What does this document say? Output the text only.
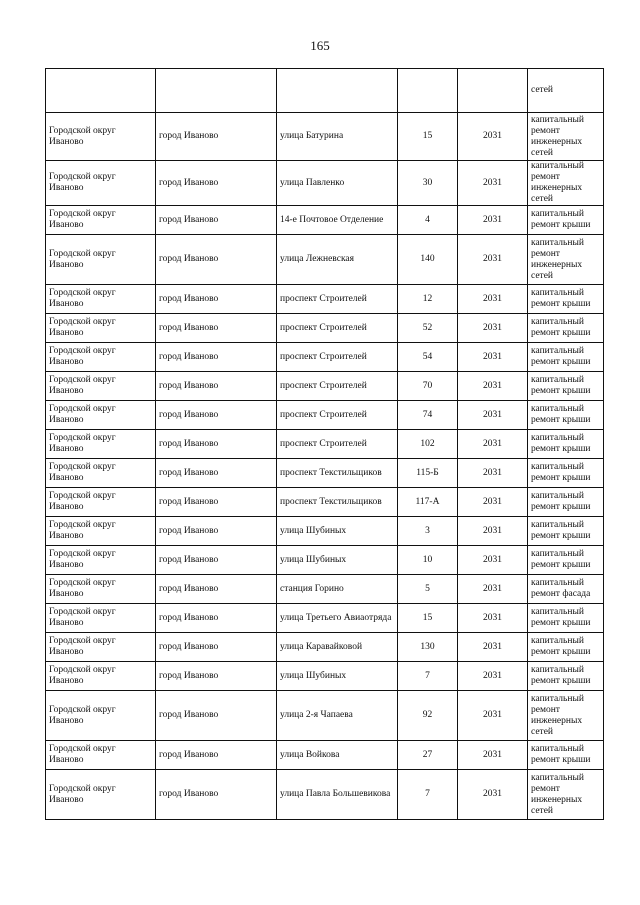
165
					сетей
Городской округ Иваново	город Иваново	улица Батурина	15	2031	капитальный ремонт инженерных сетей
Городской округ Иваново	город Иваново	улица Павленко	30	2031	капитальный ремонт инженерных сетей
Городской округ Иваново	город Иваново	14-е Почтовое Отделение	4	2031	капитальный ремонт крыши
Городской округ Иваново	город Иваново	улица Лежневская	140	2031	капитальный ремонт инженерных сетей
Городской округ Иваново	город Иваново	проспект Строителей	12	2031	капитальный ремонт крыши
Городской округ Иваново	город Иваново	проспект Строителей	52	2031	капитальный ремонт крыши
Городской округ Иваново	город Иваново	проспект Строителей	54	2031	капитальный ремонт крыши
Городской округ Иваново	город Иваново	проспект Строителей	70	2031	капитальный ремонт крыши
Городской округ Иваново	город Иваново	проспект Строителей	74	2031	капитальный ремонт крыши
Городской округ Иваново	город Иваново	проспект Строителей	102	2031	капитальный ремонт крыши
Городской округ Иваново	город Иваново	проспект Текстильщиков	115-Б	2031	капитальный ремонт крыши
Городской округ Иваново	город Иваново	проспект Текстильщиков	117-А	2031	капитальный ремонт крыши
Городской округ Иваново	город Иваново	улица Шубиных	3	2031	капитальный ремонт крыши
Городской округ Иваново	город Иваново	улица Шубиных	10	2031	капитальный ремонт крыши
Городской округ Иваново	город Иваново	станция Горино	5	2031	капитальный ремонт фасада
Городской округ Иваново	город Иваново	улица Третьего Авиаотряда	15	2031	капитальный ремонт крыши
Городской округ Иваново	город Иваново	улица Каравайковой	130	2031	капитальный ремонт крыши
Городской округ Иваново	город Иваново	улица Шубиных	7	2031	капитальный ремонт крыши
Городской округ Иваново	город Иваново	улица 2-я Чапаева	92	2031	капитальный ремонт инженерных сетей
Городской округ Иваново	город Иваново	улица Войкова	27	2031	капитальный ремонт крыши
Городской округ Иваново	город Иваново	улица Павла Большевикова	7	2031	капитальный ремонт инженерных сетей
